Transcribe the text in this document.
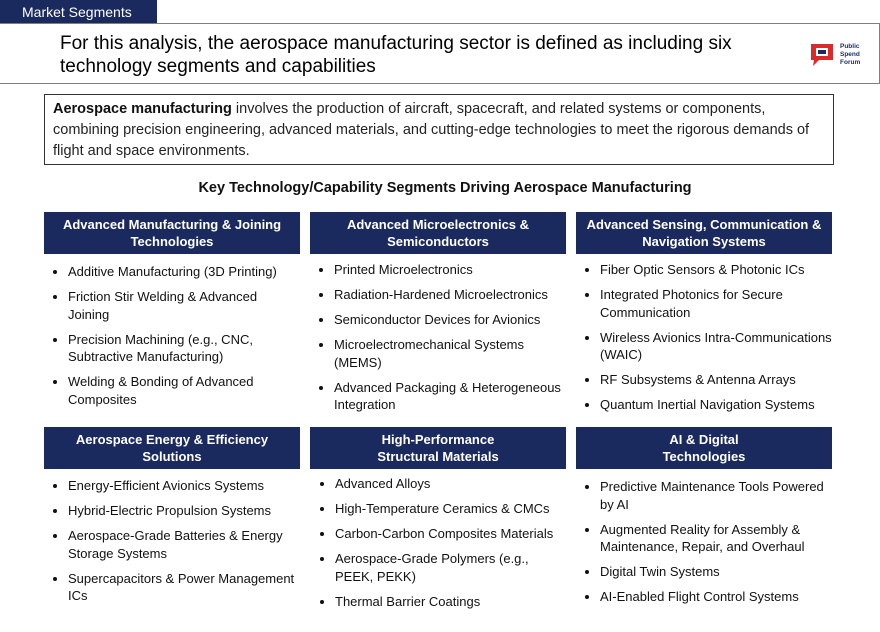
Market Segments
For this analysis, the aerospace manufacturing sector is defined as including six technology segments and capabilities
Public
Spend
Forum
Aerospace manufacturing involves the production of aircraft, spacecraft, and related systems or components, combining precision engineering, advanced materials, and cutting-edge technologies to meet the rigorous demands of flight and space environments.
Key Technology/Capability Segments Driving Aerospace Manufacturing
Advanced Manufacturing & Joining
Technologies
Additive Manufacturing (3D Printing)
Friction Stir Welding & Advanced Joining
Precision Machining (e.g., CNC, Subtractive Manufacturing)
Welding & Bonding of Advanced Composites
Advanced Microelectronics &
Semiconductors
Printed Microelectronics
Radiation-Hardened Microelectronics
Semiconductor Devices for Avionics
Microelectromechanical Systems (MEMS)
Advanced Packaging & Heterogeneous Integration
Advanced Sensing, Communication &
Navigation Systems
Fiber Optic Sensors & Photonic ICs
Integrated Photonics for Secure Communication
Wireless Avionics Intra-Communications (WAIC)
RF Subsystems & Antenna Arrays
Quantum Inertial Navigation Systems
Aerospace Energy & Efficiency
Solutions
Energy-Efficient Avionics Systems
Hybrid-Electric Propulsion Systems
Aerospace-Grade Batteries & Energy Storage Systems
Supercapacitors & Power Management ICs
High-Performance
Structural Materials
Advanced Alloys
High-Temperature Ceramics & CMCs
Carbon-Carbon Composites Materials
Aerospace-Grade Polymers (e.g., PEEK, PEKK)
Thermal Barrier Coatings
AI & Digital
Technologies
Predictive Maintenance Tools Powered by AI
Augmented Reality for Assembly & Maintenance, Repair, and Overhaul
Digital Twin Systems
AI-Enabled Flight Control Systems
